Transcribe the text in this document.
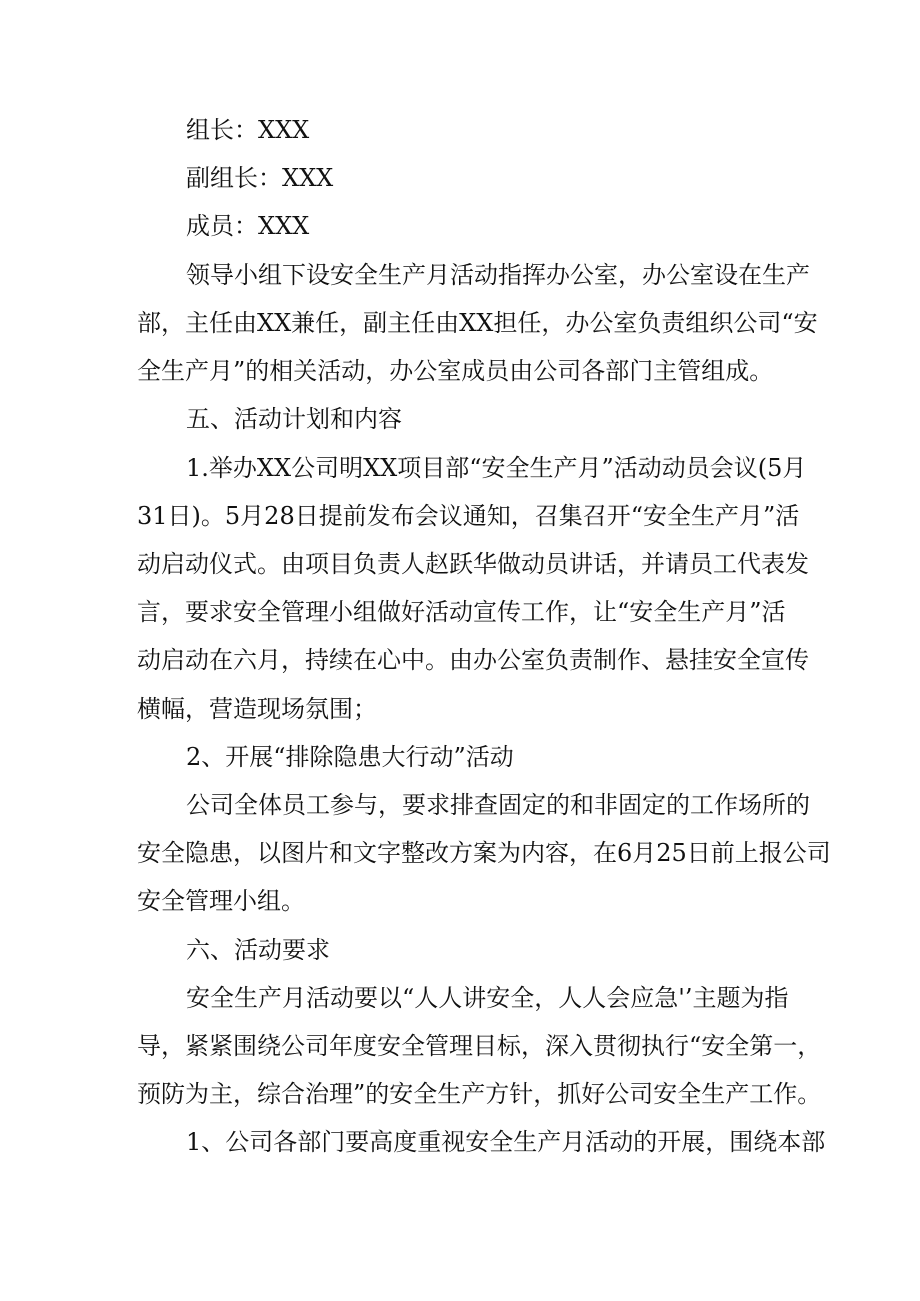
组长：XXX
副组长：XXX
成员：XXX
领导小组下设安全生产月活动指挥办公室，办公室设在生产
部，主任由XX兼任，副主任由XX担任，办公室负责组织公司“安
全生产月”的相关活动，办公室成员由公司各部门主管组成。
五、活动计划和内容
1.举办XX公司明XX项目部“安全生产月”活动动员会议(5月
31日)。5月28日提前发布会议通知，召集召开“安全生产月”活
动启动仪式。由项目负责人赵跃华做动员讲话，并请员工代表发
言，要求安全管理小组做好活动宣传工作，让“安全生产月”活
动启动在六月，持续在心中。由办公室负责制作、悬挂安全宣传
横幅，营造现场氛围；
2、开展“排除隐患大行动”活动
公司全体员工参与，要求排查固定的和非固定的工作场所的
安全隐患，以图片和文字整改方案为内容，在6月25日前上报公司
安全管理小组。
六、活动要求
安全生产月活动要以“人人讲安全，人人会应急'’主题为指
导，紧紧围绕公司年度安全管理目标，深入贯彻执行“安全第一，
预防为主，综合治理”的安全生产方针，抓好公司安全生产工作。
1、公司各部门要高度重视安全生产月活动的开展，围绕本部
